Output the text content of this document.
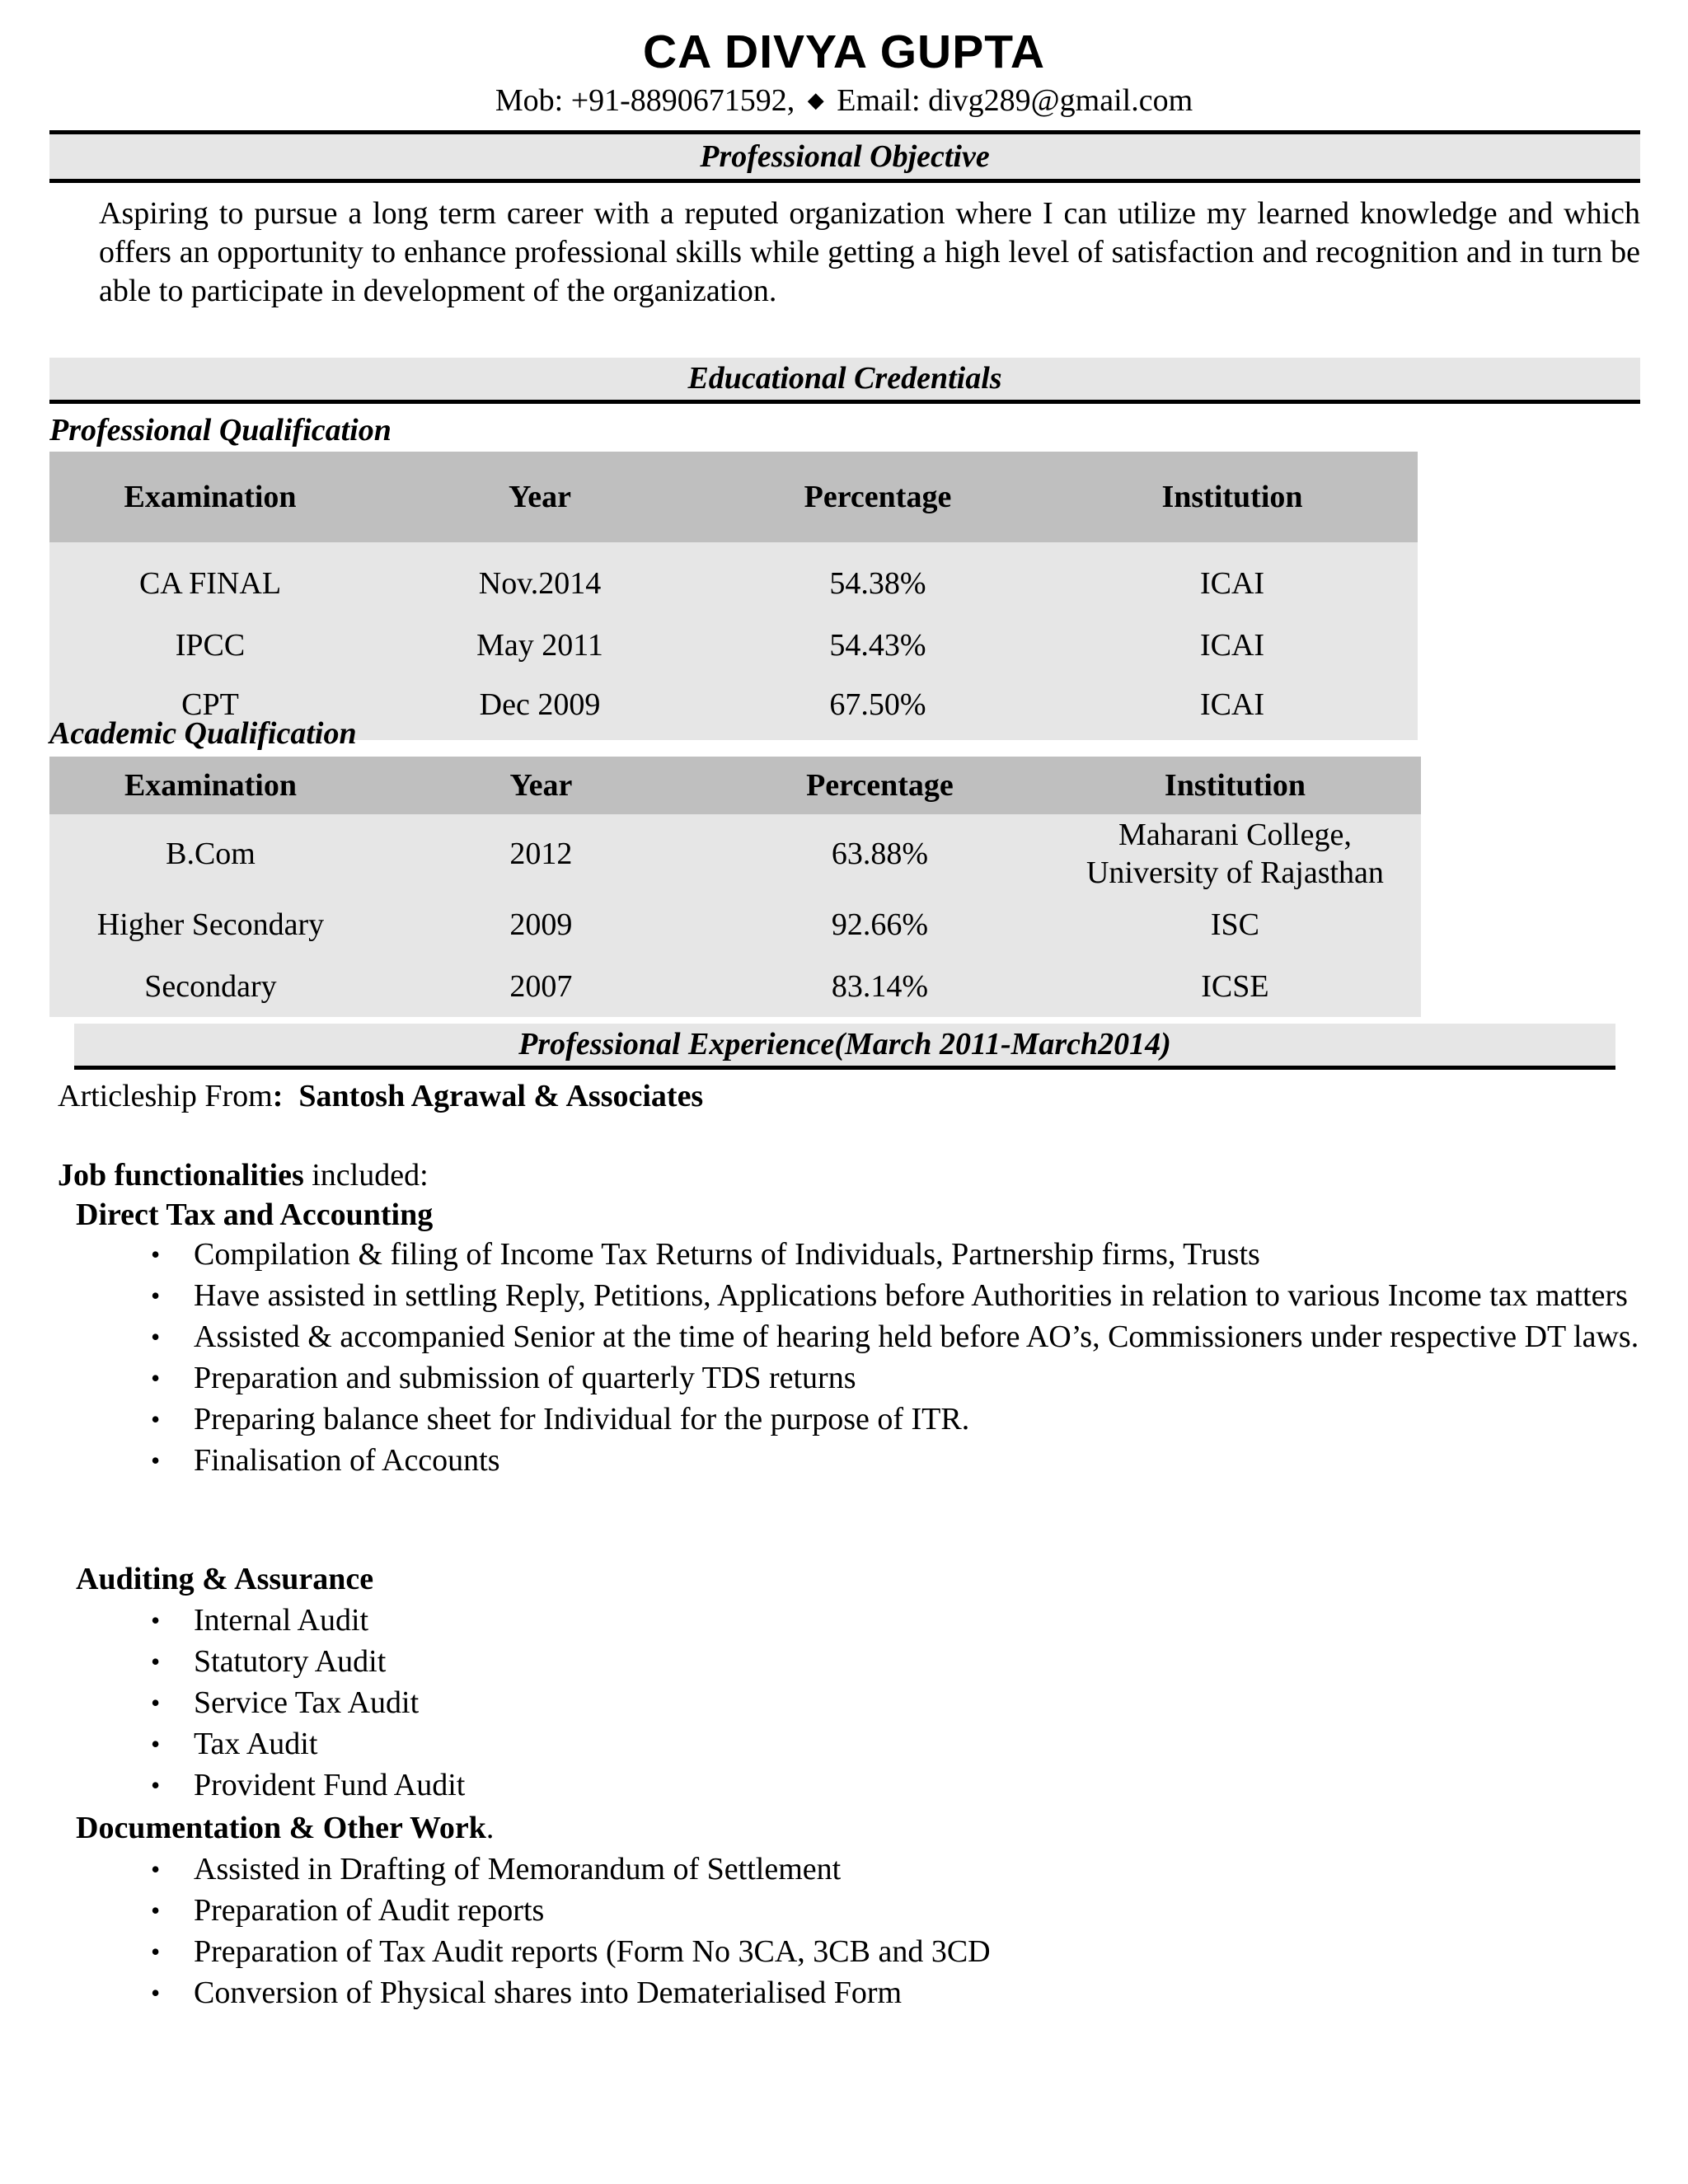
CA DIVYA GUPTA
Mob: +91-8890671592, ◆ Email: divg289@gmail.com
Professional Objective
Aspiring to pursue a long term career with a reputed organization where I can utilize my learned knowledge and which offers an opportunity to enhance professional skills while getting a high level of satisfaction and recognition and in turn be able to participate in development of the organization.
Educational Credentials
Professional Qualification
Examination	Year	Percentage	Institution
CA FINAL	Nov.2014	54.38%	ICAI
IPCC	May 2011	54.43%	ICAI
CPT	Dec 2009	67.50%	ICAI
Academic Qualification
Examination	Year	Percentage	Institution
B.Com	2012	63.88%	Maharani College,
University of Rajasthan

Higher Secondary	2009	92.66%	ISC
Secondary	2007	83.14%	ICSE
Professional Experience(March 2011-March2014)
Articleship From: Santosh Agrawal & Associates
Job functionalities included:
Direct Tax and Accounting
• Compilation & filing of Income Tax Returns of Individuals, Partnership firms, Trusts
• Have assisted in settling Reply, Petitions, Applications before Authorities in relation to various Income tax matters
• Assisted & accompanied Senior at the time of hearing held before AO’s, Commissioners under respective DT laws.
• Preparation and submission of quarterly TDS returns
• Preparing balance sheet for Individual for the purpose of ITR.
• Finalisation of Accounts
Auditing & Assurance
• Internal Audit
• Statutory Audit
• Service Tax Audit
• Tax Audit
• Provident Fund Audit
Documentation & Other Work.
• Assisted in Drafting of Memorandum of Settlement
• Preparation of Audit reports
• Preparation of Tax Audit reports (Form No 3CA, 3CB and 3CD
• Conversion of Physical shares into Dematerialised Form
